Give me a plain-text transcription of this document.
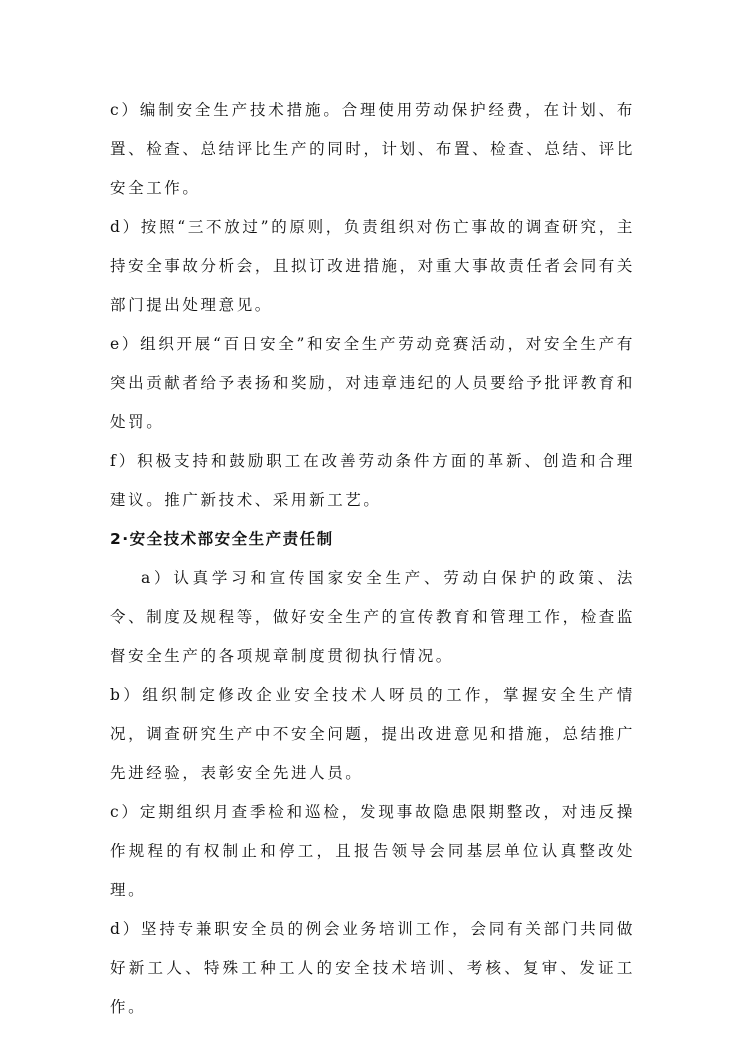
c）编制安全生产技术措施。合理使用劳动保护经费，在计划、布置、检查、总结评比生产的同时，计划、布置、检查、总结、评比安全工作。

d）按照“三不放过”的原则，负责组织对伤亡事故的调查研究，主持安全事故分析会，且拟订改进措施，对重大事故责任者会同有关部门提出处理意见。

e）组织开展“百日安全”和安全生产劳动竞赛活动，对安全生产有突出贡献者给予表扬和奖励，对违章违纪的人员要给予批评教育和处罚。

f）积极支持和鼓励职工在改善劳动条件方面的革新、创造和合理建议。推广新技术、采用新工艺。

2·安全技术部安全生产责任制

a）认真学习和宣传国家安全生产、劳动白保护的政策、法令、制度及规程等，做好安全生产的宣传教育和管理工作，检查监督安全生产的各项规章制度贯彻执行情况。

b）组织制定修改企业安全技术人呀员的工作，掌握安全生产情况，调查研究生产中不安全问题，提出改进意见和措施，总结推广先进经验，表彰安全先进人员。

c）定期组织月查季检和巡检，发现事故隐患限期整改，对违反操作规程的有权制止和停工，且报告领导会同基层单位认真整改处理。

d）坚持专兼职安全员的例会业务培训工作，会同有关部门共同做好新工人、特殊工种工人的安全技术培训、考核、复审、发证工作。
